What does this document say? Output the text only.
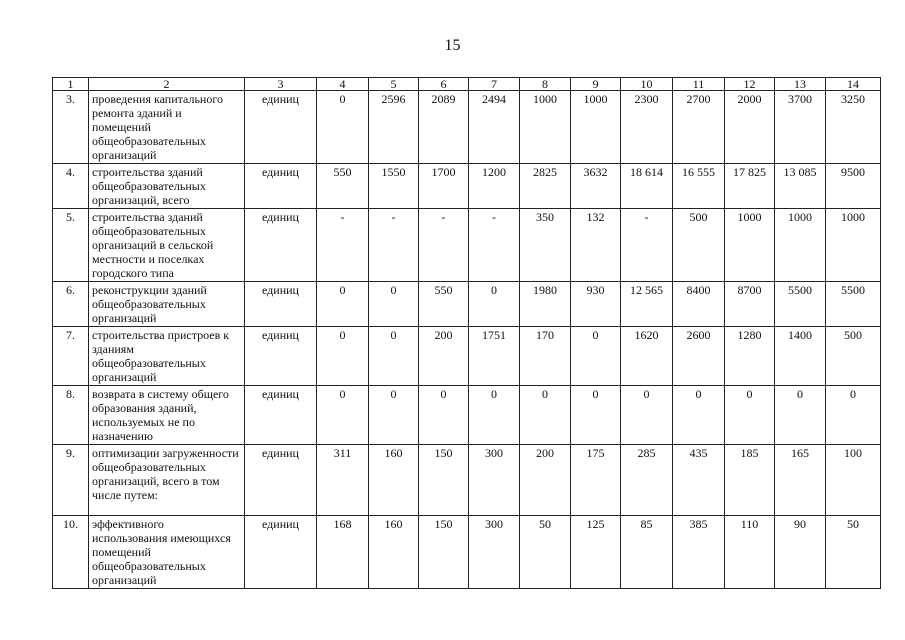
15
1	2	3	4	5	6	7	8	9	10	11	12	13	14
3.	проведения капитального ремонта зданий и помещений общеобразовательных организаций	единиц	0	2596	2089	2494	1000	1000	2300	2700	2000	3700	3250
4.	строительства зданий общеобразовательных организаций, всего	единиц	550	1550	1700	1200	2825	3632	18 614	16 555	17 825	13 085	9500
5.	строительства зданий общеобразовательных организаций в сельской местности и поселках городского типа	единиц	-	-	-	-	350	132	-	500	1000	1000	1000
6.	реконструкции зданий общеобразовательных организаций	единиц	0	0	550	0	1980	930	12 565	8400	8700	5500	5500
7.	строительства пристроев к зданиям общеобразовательных организаций	единиц	0	0	200	1751	170	0	1620	2600	1280	1400	500
8.	возврата в систему общего образования зданий, используемых не по назначению	единиц	0	0	0	0	0	0	0	0	0	0	0
9.	оптимизации загруженности общеобразовательных организаций, всего в том числе путем:	единиц	311	160	150	300	200	175	285	435	185	165	100
10.	эффективного использования имеющихся помещений общеобразовательных организаций	единиц	168	160	150	300	50	125	85	385	110	90	50
